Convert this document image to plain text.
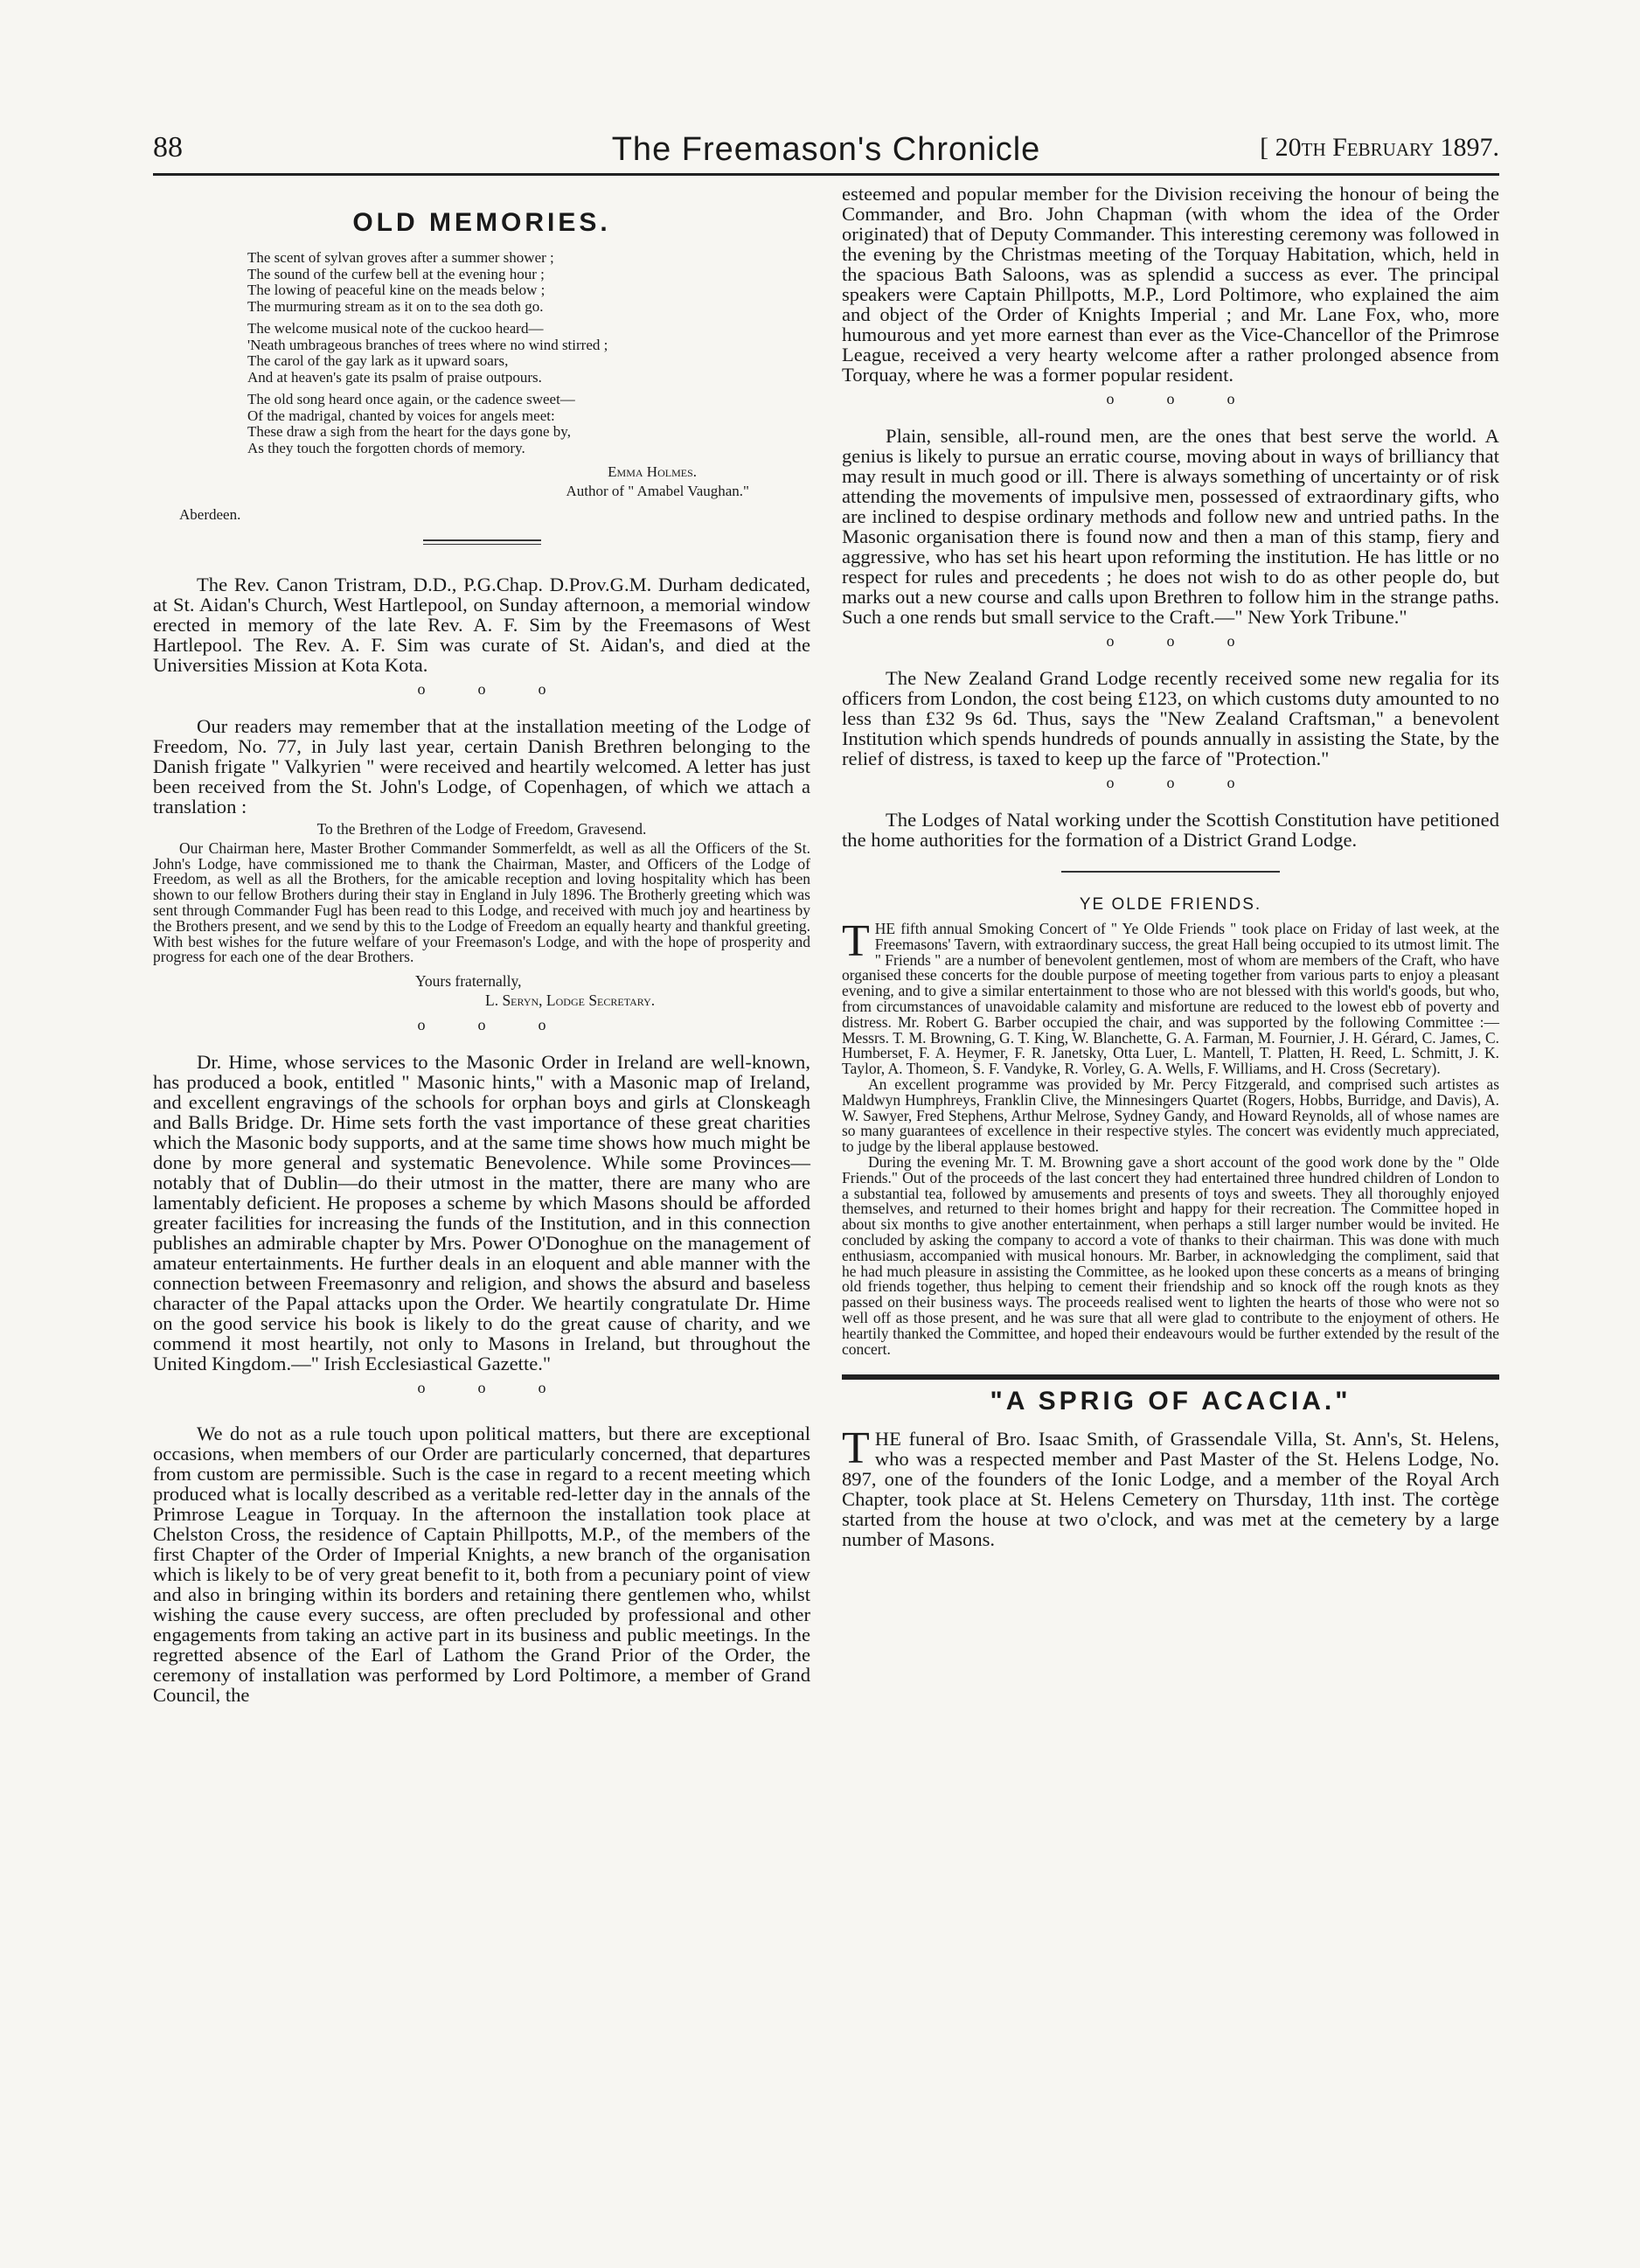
88	The Freemason's Chronicle	[ 20th February 1897.
OLD MEMORIES.
The scent of sylvan groves after a summer shower ;
The sound of the curfew bell at the evening hour ;
The lowing of peaceful kine on the meads below ;
The murmuring stream as it on to the sea doth go.
The welcome musical note of the cuckoo heard—
'Neath umbrageous branches of trees where no wind stirred ;
The carol of the gay lark as it upward soars,
And at heaven's gate its psalm of praise outpours.
The old song heard once again, or the cadence sweet—
Of the madrigal, chanted by voices for angels meet:
These draw a sigh from the heart for the days gone by,
As they touch the forgotten chords of memory.
Emma Holmes.
Author of " Amabel Vaughan."
Aberdeen.

The Rev. Canon Tristram, D.D., P.G.Chap. D.Prov.G.M. Durham dedicated, at St. Aidan's Church, West Hartlepool, on Sunday afternoon, a memorial window erected in memory of the late Rev. A. F. Sim by the Freemasons of West Hartlepool. The Rev. A. F. Sim was curate of St. Aidan's, and died at the Universities Mission at Kota Kota.

o	o	o

Our readers may remember that at the installation meeting of the Lodge of Freedom, No. 77, in July last year, certain Danish Brethren belonging to the Danish frigate " Valkyrien " were received and heartily welcomed. A letter has just been received from the St. John's Lodge, of Copenhagen, of which we attach a translation :

To the Brethren of the Lodge of Freedom, Gravesend.

Our Chairman here, Master Brother Commander Sommerfeldt, as well as all the Officers of the St. John's Lodge, have commissioned me to thank the Chairman, Master, and Officers of the Lodge of Freedom, as well as all the Brothers, for the amicable reception and loving hospitality which has been shown to our fellow Brothers during their stay in England in July 1896. The Brotherly greeting which was sent through Commander Fugl has been read to this Lodge, and received with much joy and heartiness by the Brothers present, and we send by this to the Lodge of Freedom an equally hearty and thankful greeting. With best wishes for the future welfare of your Freemason's Lodge, and with the hope of prosperity and progress for each one of the dear Brothers.

Yours fraternally,
L. Seryn, Lodge Secretary.
o	o	o

Dr. Hime, whose services to the Masonic Order in Ireland are well-known, has produced a book, entitled " Masonic hints," with a Masonic map of Ireland, and excellent engravings of the schools for orphan boys and girls at Clonskeagh and Balls Bridge. Dr. Hime sets forth the vast importance of these great charities which the Masonic body supports, and at the same time shows how much might be done by more general and systematic Benevolence. While some Provinces—notably that of Dublin—do their utmost in the matter, there are many who are lamentably deficient. He proposes a scheme by which Masons should be afforded greater facilities for increasing the funds of the Institution, and in this connection publishes an admirable chapter by Mrs. Power O'Donoghue on the management of amateur entertainments. He further deals in an eloquent and able manner with the connection between Freemasonry and religion, and shows the absurd and baseless character of the Papal attacks upon the Order. We heartily congratulate Dr. Hime on the good service his book is likely to do the great cause of charity, and we commend it most heartily, not only to Masons in Ireland, but throughout the United Kingdom.—" Irish Ecclesiastical Gazette."

o	o	o

We do not as a rule touch upon political matters, but there are exceptional occasions, when members of our Order are particularly concerned, that departures from custom are permissible. Such is the case in regard to a recent meeting which produced what is locally described as a veritable red-letter day in the annals of the Primrose League in Torquay. In the afternoon the installation took place at Chelston Cross, the residence of Captain Phillpotts, M.P., of the members of the first Chapter of the Order of Imperial Knights, a new branch of the organisation which is likely to be of very great benefit to it, both from a pecuniary point of view and also in bringing within its borders and retaining there gentlemen who, whilst wishing the cause every success, are often precluded by professional and other engagements from taking an active part in its business and public meetings. In the regretted absence of the Earl of Lathom the Grand Prior of the Order, the ceremony of installation was performed by Lord Poltimore, a member of Grand Council, the

esteemed and popular member for the Division receiving the honour of being the Commander, and Bro. John Chapman (with whom the idea of the Order originated) that of Deputy Commander. This interesting ceremony was followed in the evening by the Christmas meeting of the Torquay Habitation, which, held in the spacious Bath Saloons, was as splendid a success as ever. The principal speakers were Captain Phillpotts, M.P., Lord Poltimore, who explained the aim and object of the Order of Knights Imperial ; and Mr. Lane Fox, who, more humourous and yet more earnest than ever as the Vice-Chancellor of the Primrose League, received a very hearty welcome after a rather prolonged absence from Torquay, where he was a former popular resident.

o	o	o

Plain, sensible, all-round men, are the ones that best serve the world. A genius is likely to pursue an erratic course, moving about in ways of brilliancy that may result in much good or ill. There is always something of uncertainty or of risk attending the movements of impulsive men, possessed of extraordinary gifts, who are inclined to despise ordinary methods and follow new and untried paths. In the Masonic organisation there is found now and then a man of this stamp, fiery and aggressive, who has set his heart upon reforming the institution. He has little or no respect for rules and precedents ; he does not wish to do as other people do, but marks out a new course and calls upon Brethren to follow him in the strange paths. Such a one rends but small service to the Craft.—" New York Tribune."

o	o	o

The New Zealand Grand Lodge recently received some new regalia for its officers from London, the cost being £123, on which customs duty amounted to no less than £32 9s 6d. Thus, says the "New Zealand Craftsman," a benevolent Institution which spends hundreds of pounds annually in assisting the State, by the relief of distress, is taxed to keep up the farce of "Protection."

o	o	o

The Lodges of Natal working under the Scottish Constitution have petitioned the home authorities for the formation of a District Grand Lodge.

YE OLDE FRIENDS.

THE fifth annual Smoking Concert of " Ye Olde Friends " took place on Friday of last week, at the Freemasons' Tavern, with extraordinary success, the great Hall being occupied to its utmost limit. The " Friends " are a number of benevolent gentlemen, most of whom are members of the Craft, who have organised these concerts for the double purpose of meeting together from various parts to enjoy a pleasant evening, and to give a similar entertainment to those who are not blessed with this world's goods, but who, from circumstances of unavoidable calamity and misfortune are reduced to the lowest ebb of poverty and distress. Mr. Robert G. Barber occupied the chair, and was supported by the following Committee :—Messrs. T. M. Browning, G. T. King, W. Blanchette, G. A. Farman, M. Fournier, J. H. Gérard, C. James, C. Humberset, F. A. Heymer, F. R. Janetsky, Otta Luer, L. Mantell, T. Platten, H. Reed, L. Schmitt, J. K. Taylor, A. Thomeon, S. F. Vandyke, R. Vorley, G. A. Wells, F. Williams, and H. Cross (Secretary).

An excellent programme was provided by Mr. Percy Fitzgerald, and comprised such artistes as Maldwyn Humphreys, Franklin Clive, the Minnesingers Quartet (Rogers, Hobbs, Burridge, and Davis), A. W. Sawyer, Fred Stephens, Arthur Melrose, Sydney Gandy, and Howard Reynolds, all of whose names are so many guarantees of excellence in their respective styles. The concert was evidently much appreciated, to judge by the liberal applause bestowed.

During the evening Mr. T. M. Browning gave a short account of the good work done by the " Olde Friends." Out of the proceeds of the last concert they had entertained three hundred children of London to a substantial tea, followed by amusements and presents of toys and sweets. They all thoroughly enjoyed themselves, and returned to their homes bright and happy for their recreation. The Committee hoped in about six months to give another entertainment, when perhaps a still larger number would be invited. He concluded by asking the company to accord a vote of thanks to their chairman. This was done with much enthusiasm, accompanied with musical honours. Mr. Barber, in acknowledging the compliment, said that he had much pleasure in assisting the Committee, as he looked upon these concerts as a means of bringing old friends together, thus helping to cement their friendship and so knock off the rough knots as they passed on their business ways. The proceeds realised went to lighten the hearts of those who were not so well off as those present, and he was sure that all were glad to contribute to the enjoyment of others. He heartily thanked the Committee, and hoped their endeavours would be further extended by the result of the concert.

"A SPRIG OF ACACIA."

THE funeral of Bro. Isaac Smith, of Grassendale Villa, St. Ann's, St. Helens, who was a respected member and Past Master of the St. Helens Lodge, No. 897, one of the founders of the Ionic Lodge, and a member of the Royal Arch Chapter, took place at St. Helens Cemetery on Thursday, 11th inst. The cortège started from the house at two o'clock, and was met at the cemetery by a large number of Masons.
